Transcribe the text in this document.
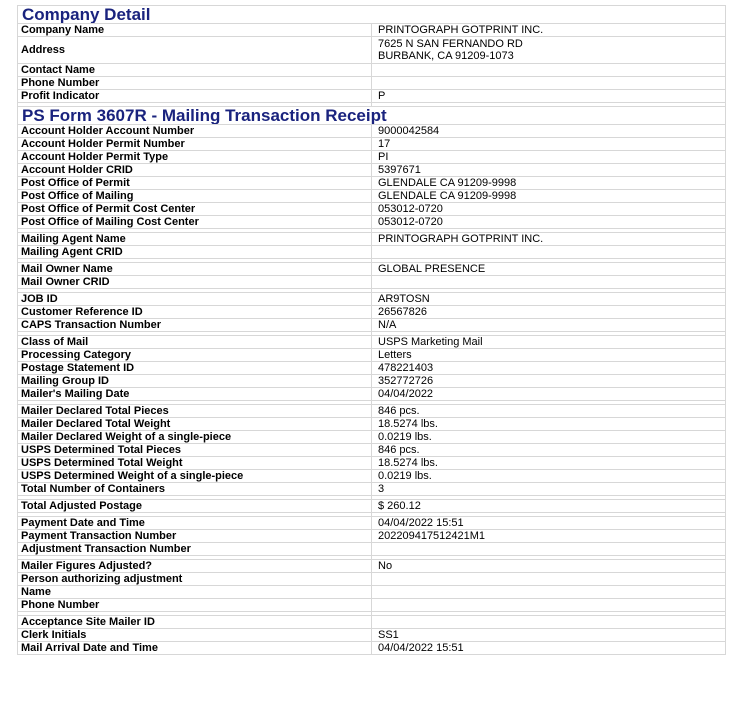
Company Detail	
Company Name	PRINTOGRAPH GOTPRINT INC.
Address	7625 N SAN FERNANDO RD
BURBANK, CA 91209-1073

Contact Name	
Phone Number	
Profit Indicator	P

PS Form 3607R - Mailing Transaction Receipt	
Account Holder Account Number	9000042584
Account Holder Permit Number	17
Account Holder Permit Type	PI
Account Holder CRID	5397671
Post Office of Permit	GLENDALE CA 91209-9998
Post Office of Mailing	GLENDALE CA 91209-9998
Post Office of Permit Cost Center	053012-0720
Post Office of Mailing Cost Center	053012-0720

Mailing Agent Name	PRINTOGRAPH GOTPRINT INC.
Mailing Agent CRID	

Mail Owner Name	GLOBAL PRESENCE
Mail Owner CRID	

JOB ID	AR9TOSN
Customer Reference ID	26567826
CAPS Transaction Number	N/A

Class of Mail	USPS Marketing Mail
Processing Category	Letters
Postage Statement ID	478221403
Mailing Group ID	352772726
Mailer's Mailing Date	04/04/2022

Mailer Declared Total Pieces	846 pcs.
Mailer Declared Total Weight	18.5274 lbs.
Mailer Declared Weight of a single-piece	0.0219 lbs.
USPS Determined Total Pieces	846 pcs.
USPS Determined Total Weight	18.5274 lbs.
USPS Determined Weight of a single-piece	0.0219 lbs.
Total Number of Containers	3

Total Adjusted Postage	$ 260.12

Payment Date and Time	04/04/2022 15:51
Payment Transaction Number	202209417512421M1
Adjustment Transaction Number	

Mailer Figures Adjusted?	No
Person authorizing adjustment	
Name	
Phone Number	

Acceptance Site Mailer ID	
Clerk Initials	SS1
Mail Arrival Date and Time	04/04/2022 15:51
